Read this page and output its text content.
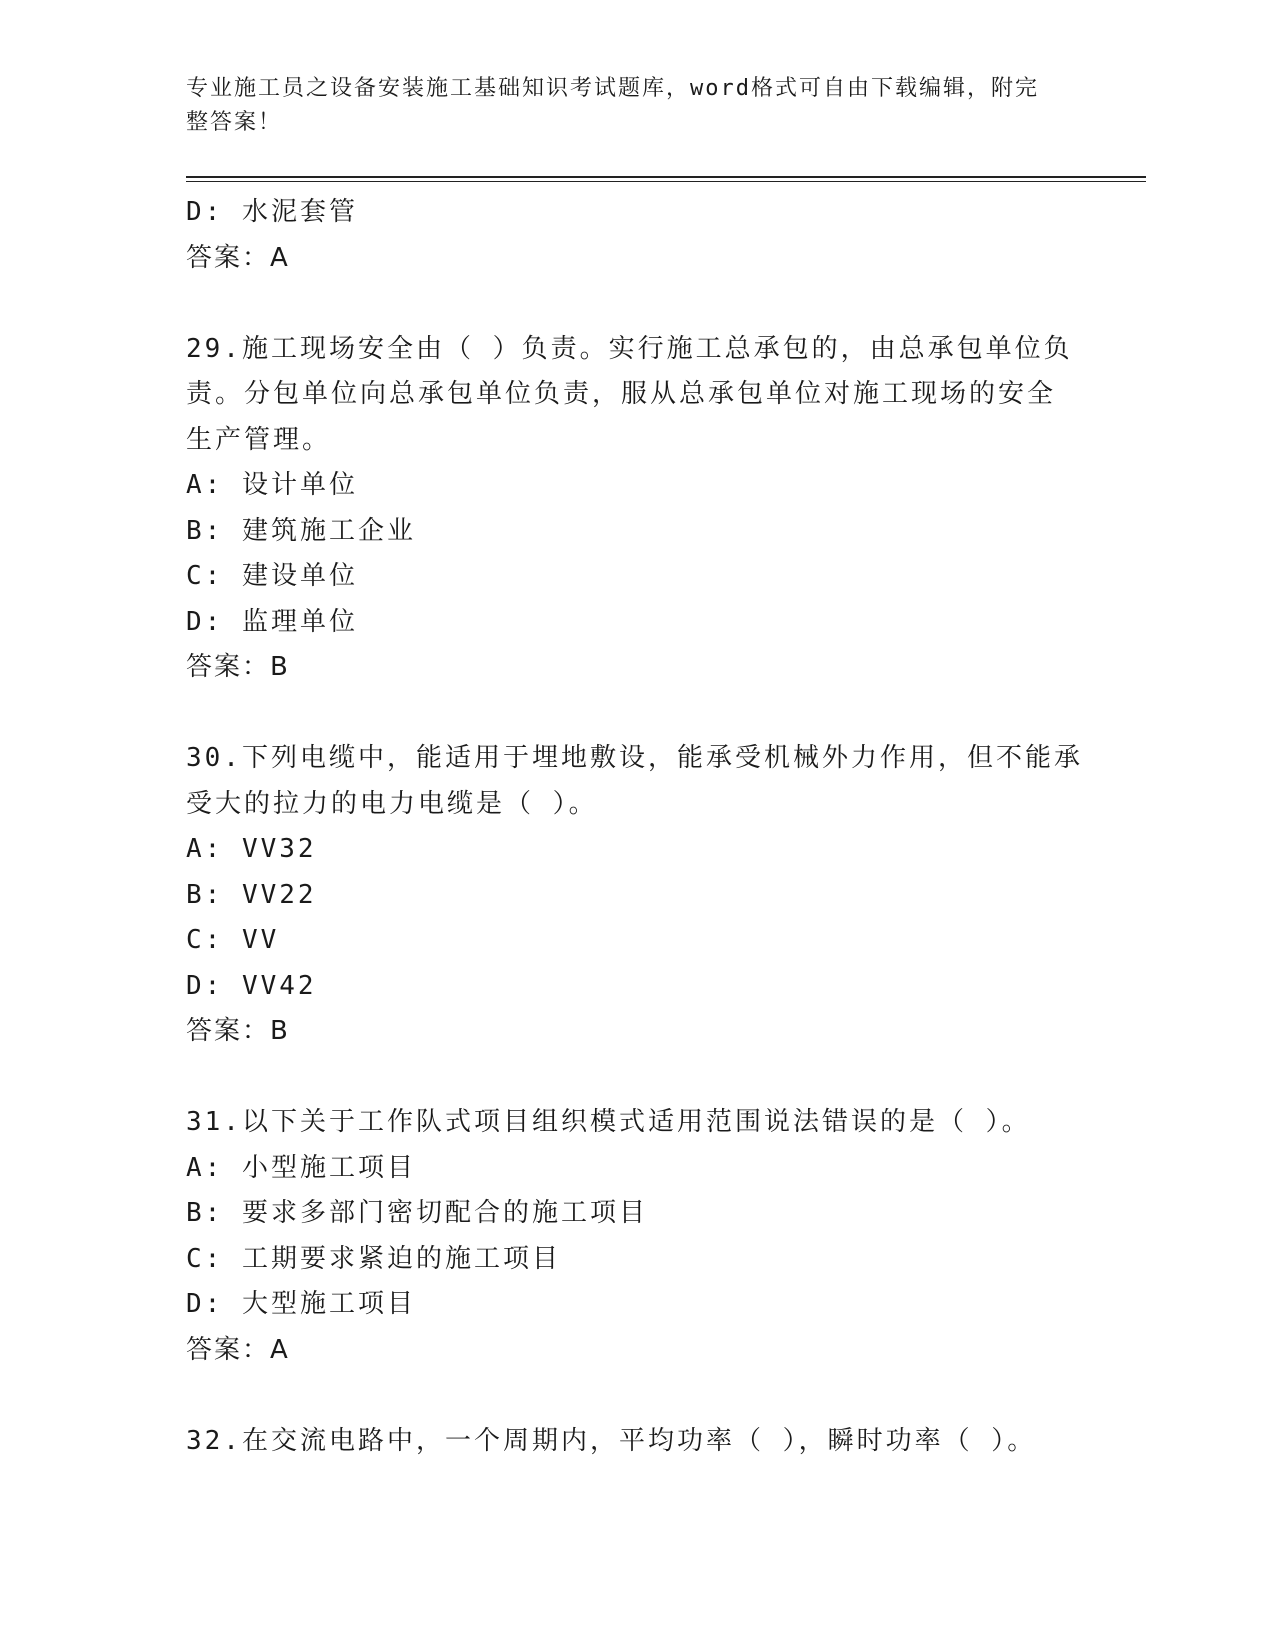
专业施工员之设备安装施工基础知识考试题库，word格式可自由下载编辑，附完
整答案！
D: 水泥套管
答案：A
29.施工现场安全由（ ）负责。实行施工总承包的，由总承包单位负
责。分包单位向总承包单位负责，服从总承包单位对施工现场的安全
生产管理。
A: 设计单位
B: 建筑施工企业
C: 建设单位
D: 监理单位
答案：B
30.下列电缆中，能适用于埋地敷设，能承受机械外力作用，但不能承
受大的拉力的电力电缆是（ ）。
A: VV32
B: VV22
C: VV
D: VV42
答案：B
31.以下关于工作队式项目组织模式适用范围说法错误的是（ ）。
A: 小型施工项目
B: 要求多部门密切配合的施工项目
C: 工期要求紧迫的施工项目
D: 大型施工项目
答案：A
32.在交流电路中，一个周期内，平均功率（ ），瞬时功率（ ）。
